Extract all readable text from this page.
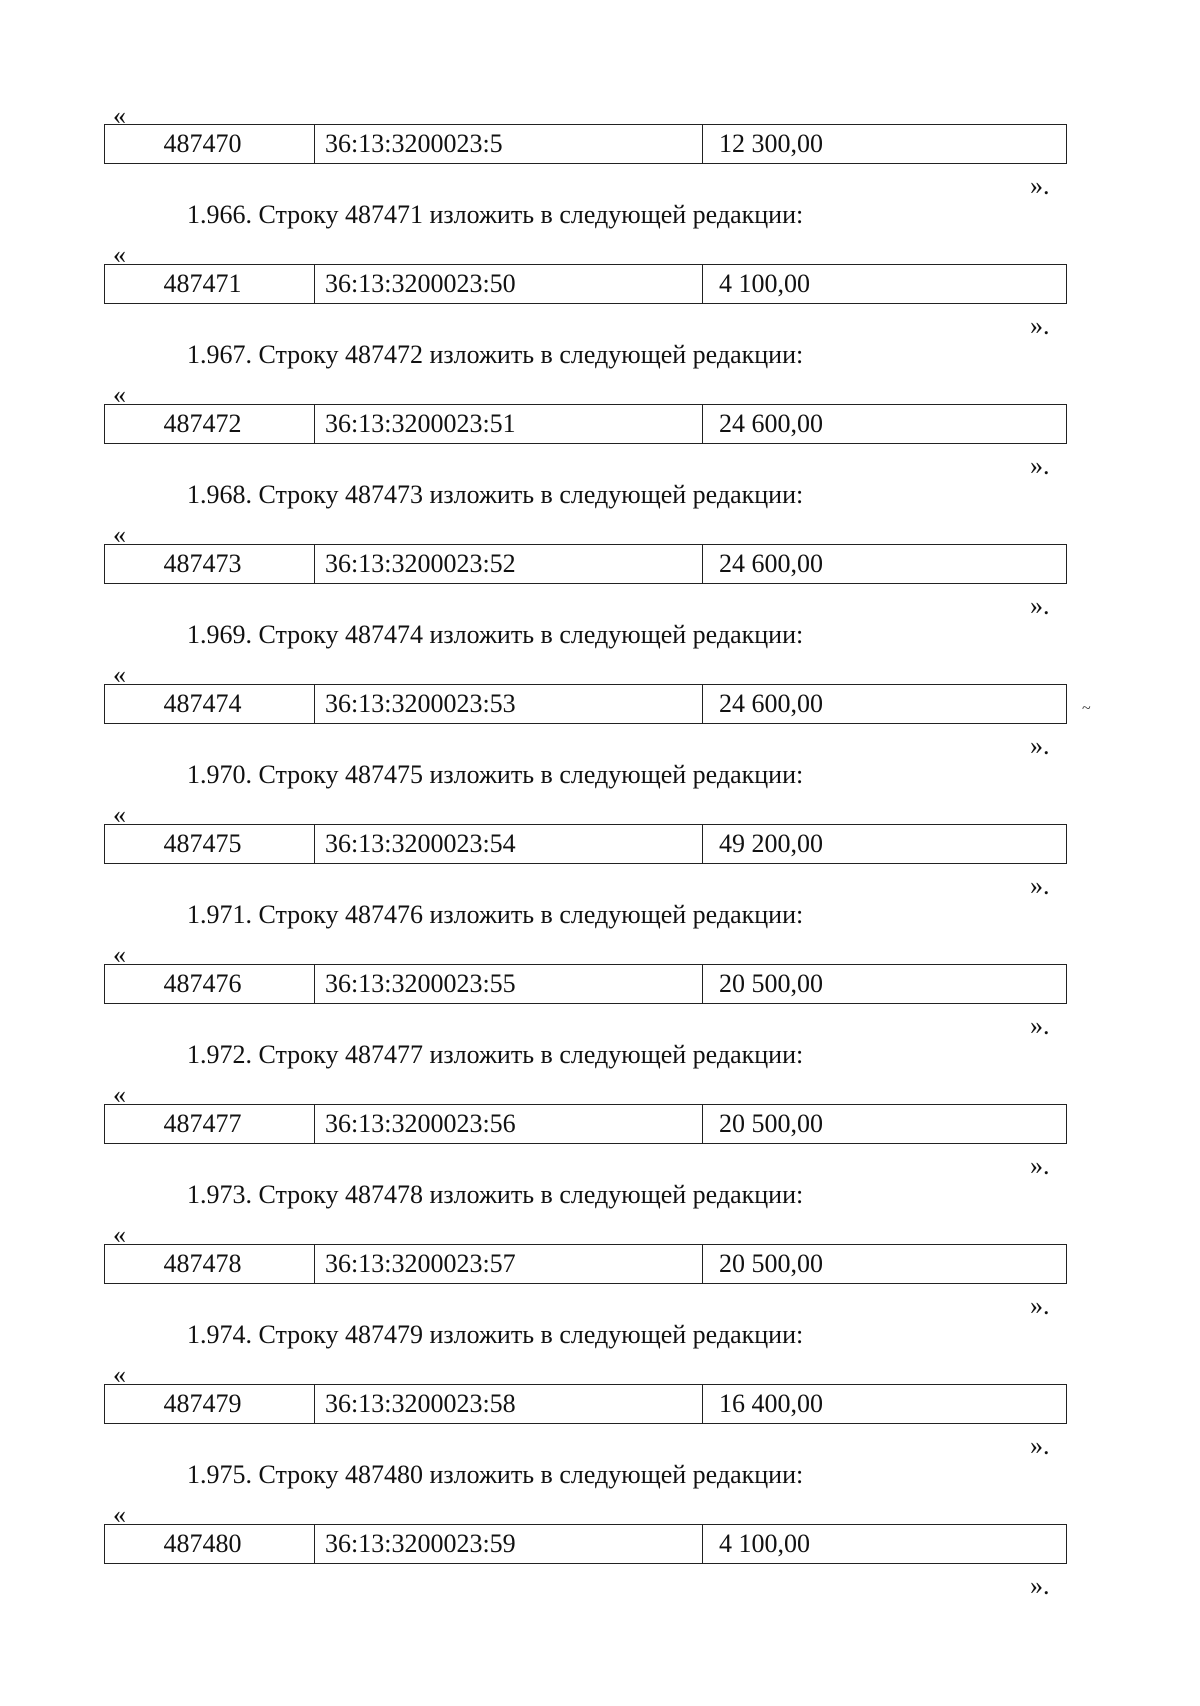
~
«
487470	36:13:3200023:5	12 300,00
».
1.966. Строку 487471 изложить в следующей редакции:
«
487471	36:13:3200023:50	4 100,00
».
1.967. Строку 487472 изложить в следующей редакции:
«
487472	36:13:3200023:51	24 600,00
».
1.968. Строку 487473 изложить в следующей редакции:
«
487473	36:13:3200023:52	24 600,00
».
1.969. Строку 487474 изложить в следующей редакции:
«
487474	36:13:3200023:53	24 600,00
».
1.970. Строку 487475 изложить в следующей редакции:
«
487475	36:13:3200023:54	49 200,00
».
1.971. Строку 487476 изложить в следующей редакции:
«
487476	36:13:3200023:55	20 500,00
».
1.972. Строку 487477 изложить в следующей редакции:
«
487477	36:13:3200023:56	20 500,00
».
1.973. Строку 487478 изложить в следующей редакции:
«
487478	36:13:3200023:57	20 500,00
».
1.974. Строку 487479 изложить в следующей редакции:
«
487479	36:13:3200023:58	16 400,00
».
1.975. Строку 487480 изложить в следующей редакции:
«
487480	36:13:3200023:59	4 100,00
».
